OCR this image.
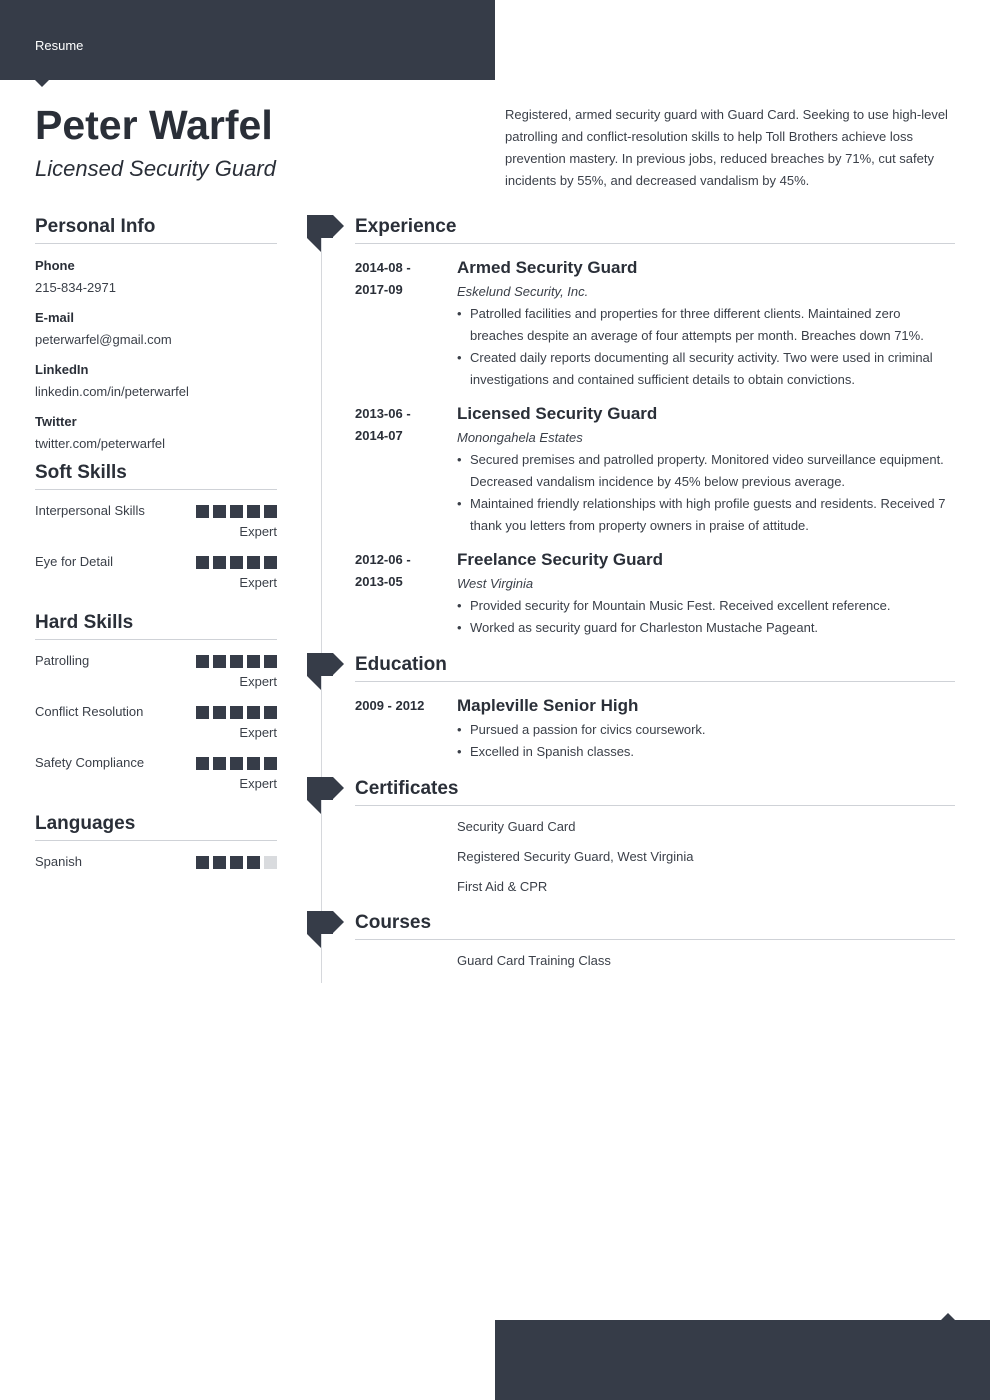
Resume
Peter Warfel
Licensed Security Guard
Registered, armed security guard with Guard Card. Seeking to use high-level patrolling and conflict-resolution skills to help Toll Brothers achieve loss prevention mastery. In previous jobs, reduced breaches by 71%, cut safety incidents by 55%, and decreased vandalism by 45%.
Personal Info
Phone
215-834-2971
E-mail
peterwarfel@gmail.com
LinkedIn
linkedin.com/in/peterwarfel
Twitter
twitter.com/peterwarfel
Soft Skills
Interpersonal Skills
Expert
Eye for Detail
Expert
Hard Skills
Patrolling
Expert
Conflict Resolution
Expert
Safety Compliance
Expert
Languages
Spanish
Experience
2014-08 - 2017-09
Armed Security Guard
Eskelund Security, Inc.
• Patrolled facilities and properties for three different clients. Maintained zero breaches despite an average of four attempts per month. Breaches down 71%.
• Created daily reports documenting all security activity. Two were used in criminal investigations and contained sufficient details to obtain convictions.
2013-06 - 2014-07
Licensed Security Guard
Monongahela Estates
• Secured premises and patrolled property. Monitored video surveillance equipment. Decreased vandalism incidence by 45% below previous average.
• Maintained friendly relationships with high profile guests and residents. Received 7 thank you letters from property owners in praise of attitude.
2012-06 - 2013-05
Freelance Security Guard
West Virginia
• Provided security for Mountain Music Fest. Received excellent reference.
• Worked as security guard for Charleston Mustache Pageant.
Education
2009 - 2012	Mapleville Senior High
• Pursued a passion for civics coursework.
• Excelled in Spanish classes.
Certificates
Security Guard Card
Registered Security Guard, West Virginia
First Aid & CPR
Courses
Guard Card Training Class
